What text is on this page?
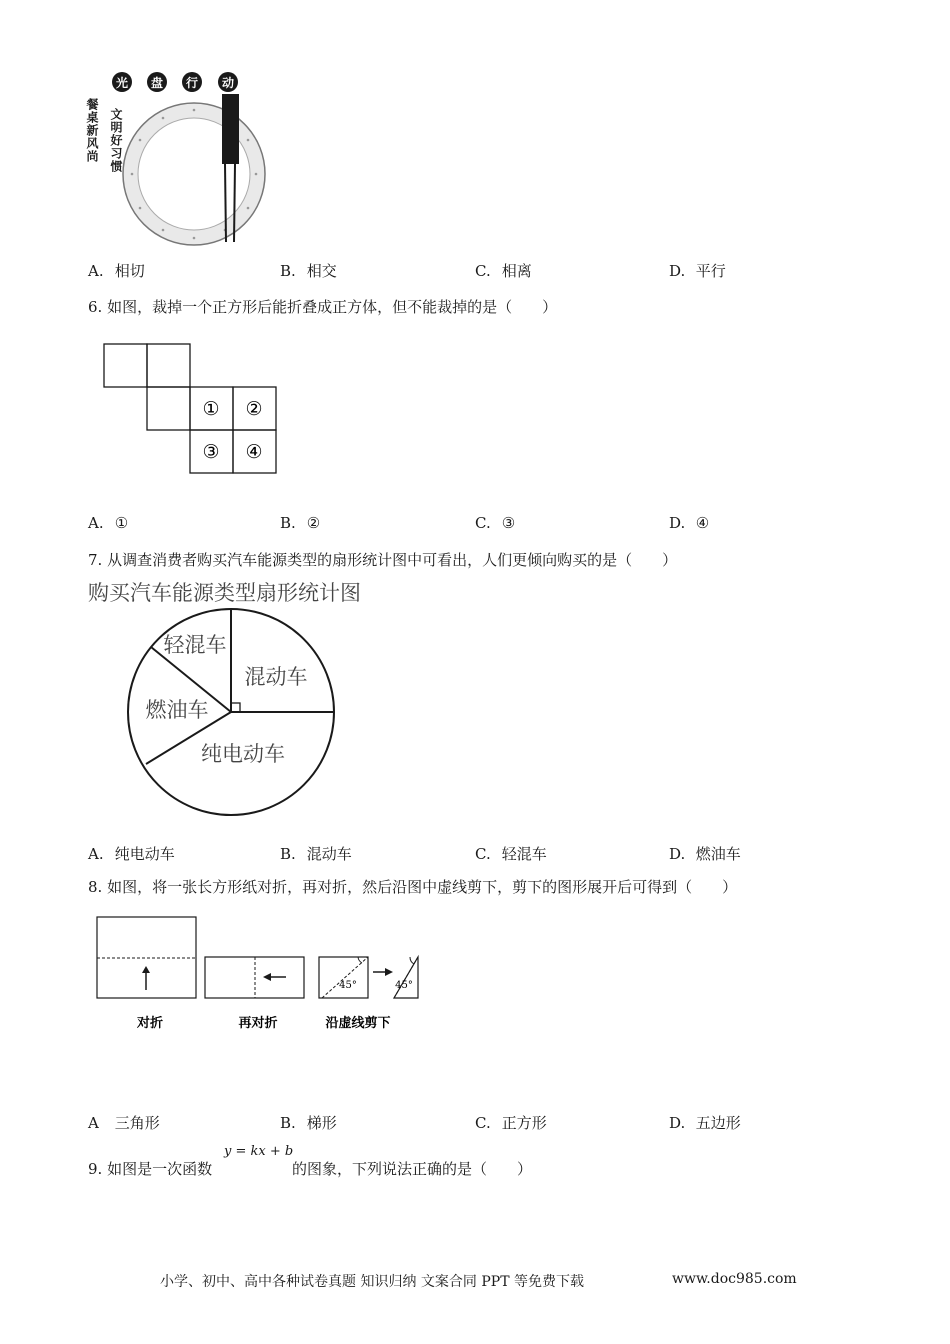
光 盘 行 动
餐桌新风尚 文明好习惯
A. 相切	B. 相交	C. 相离	D. 平行
6. 如图，裁掉一个正方形后能折叠成正方体，但不能裁掉的是（　　）
① ②
③ ④
A. ①	B. ②	C. ③	D. ④
7. 从调查消费者购买汽车能源类型的扇形统计图中可看出，人们更倾向购买的是（　　）
购买汽车能源类型扇形统计图
轻混车
混动车
燃油车
纯电动车
A. 纯电动车	B. 混动车	C. 轻混车	D. 燃油车
8. 如图，将一张长方形纸对折，再对折，然后沿图中虚线剪下，剪下的图形展开后可得到（　　）
45°	45°
对折	再对折	沿虚线剪下
A 三角形	B. 梯形	C. 正方形	D. 五边形
9. 如图是一次函数
y = kx + b
的图象，下列说法正确的是（　　）
小学、初中、高中各种试卷真题 知识归纳 文案合同 PPT 等免费下载	www.doc985.com
